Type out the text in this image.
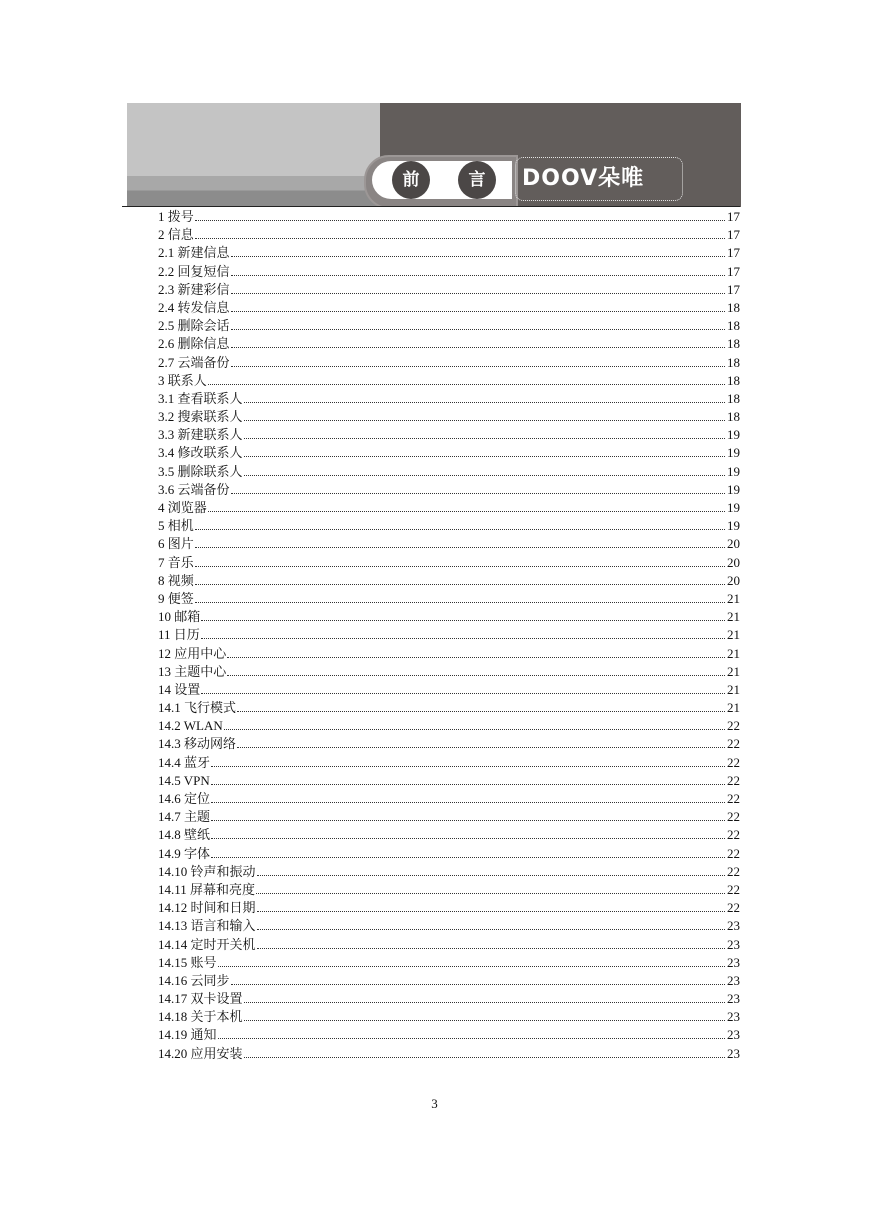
前	言	DOOV朵唯
1 拨号	17
2 信息	17
2.1 新建信息	17
2.2 回复短信	17
2.3 新建彩信	17
2.4 转发信息	18
2.5 删除会话	18
2.6 删除信息	18
2.7 云端备份	18
3 联系人	18
3.1 查看联系人	18
3.2 搜索联系人	18
3.3 新建联系人	19
3.4 修改联系人	19
3.5 删除联系人	19
3.6 云端备份	19
4 浏览器	19
5 相机	19
6 图片	20
7 音乐	20
8 视频	20
9 便签	21
10 邮箱	21
11 日历	21
12 应用中心	21
13 主题中心	21
14 设置	21
14.1 飞行模式	21
14.2 WLAN	22
14.3 移动网络	22
14.4 蓝牙	22
14.5 VPN	22
14.6 定位	22
14.7 主题	22
14.8 壁纸	22
14.9 字体	22
14.10 铃声和振动	22
14.11 屏幕和亮度	22
14.12 时间和日期	22
14.13 语言和输入	23
14.14 定时开关机	23
14.15 账号	23
14.16 云同步	23
14.17 双卡设置	23
14.18 关于本机	23
14.19 通知	23
14.20 应用安装	23
3
